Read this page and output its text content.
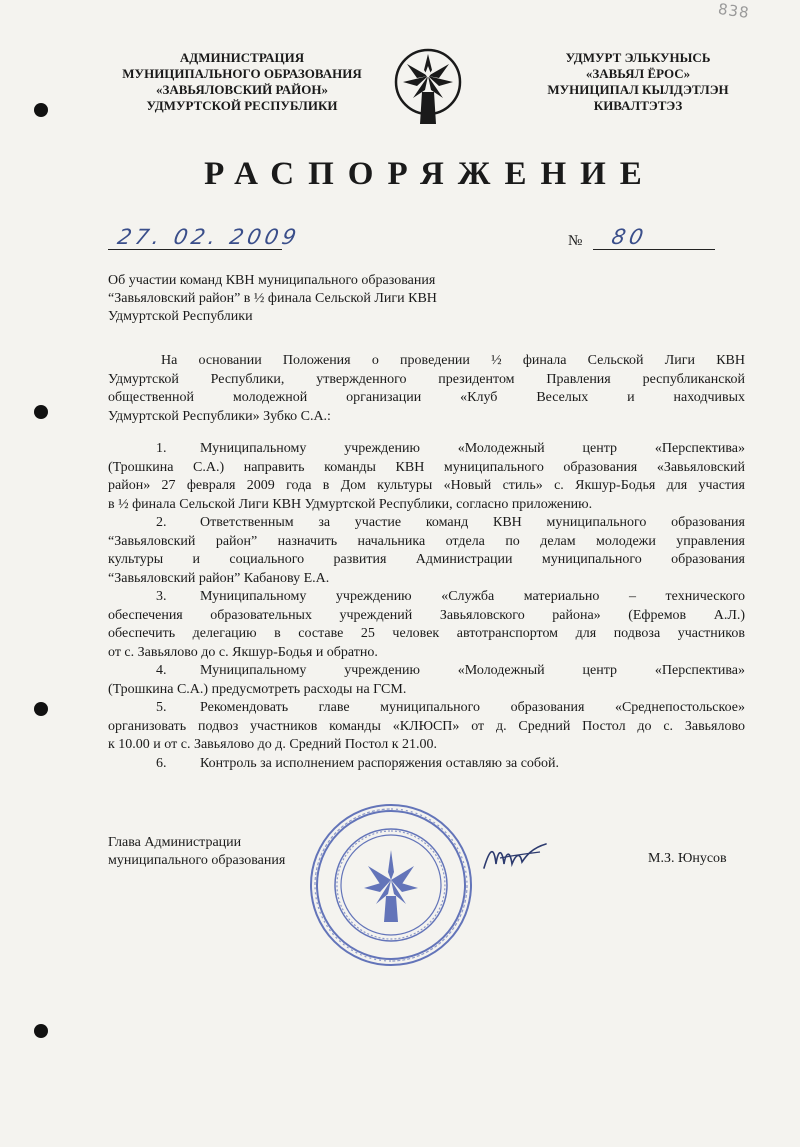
838
АДМИНИСТРАЦИЯ
МУНИЦИПАЛЬНОГО ОБРАЗОВАНИЯ
«ЗАВЬЯЛОВСКИЙ РАЙОН»
УДМУРТСКОЙ РЕСПУБЛИКИ
УДМУРТ ЭЛЬКУНЫСЬ
«ЗАВЬЯЛ ЁРОС»
МУНИЦИПАЛ КЫЛДЭТЛЭН
КИВАЛТЭТЭЗ
РАСПОРЯЖЕНИЕ
27. 02. 2009	№ 80
Об участии команд КВН муниципального образования
“Завьяловский район” в ½ финала Сельской Лиги КВН
Удмуртской Республики
На основании Положения о проведении ½ финала Сельской Лиги КВН
Удмуртской Республики, утвержденного президентом Правления республиканской
общественной молодежной организации «Клуб Веселых и находчивых
Удмуртской Республики» Зубко С.А.:
1. Муниципальному учреждению «Молодежный центр «Перспектива»
(Трошкина С.А.) направить команды КВН муниципального образования «Завьяловский
район» 27 февраля 2009 года в Дом культуры «Новый стиль» с. Якшур-Бодья для участия
в ½ финала Сельской Лиги КВН Удмуртской Республики, согласно приложению.
2. Ответственным за участие команд КВН муниципального образования
“Завьяловский район” назначить начальника отдела по делам молодежи управления
культуры и социального развития Администрации муниципального образования
“Завьяловский район” Кабанову Е.А.
3. Муниципальному учреждению «Служба материально – технического
обеспечения образовательных учреждений Завьяловского района» (Ефремов А.Л.)
обеспечить делегацию в составе 25 человек автотранспортом для подвоза участников
от с. Завьялово до с. Якшур-Бодья и обратно.
4. Муниципальному учреждению «Молодежный центр «Перспектива»
(Трошкина С.А.) предусмотреть расходы на ГСМ.
5. Рекомендовать главе муниципального образования «Среднепостольское»
организовать подвоз участников команды «КЛЮСП» от д. Средний Постол до с. Завьялово
к 10.00 и от с. Завьялово до д. Средний Постол к 21.00.
6. Контроль за исполнением распоряжения оставляю за собой.
Глава Администрации
муниципального образования	М.З. Юнусов
